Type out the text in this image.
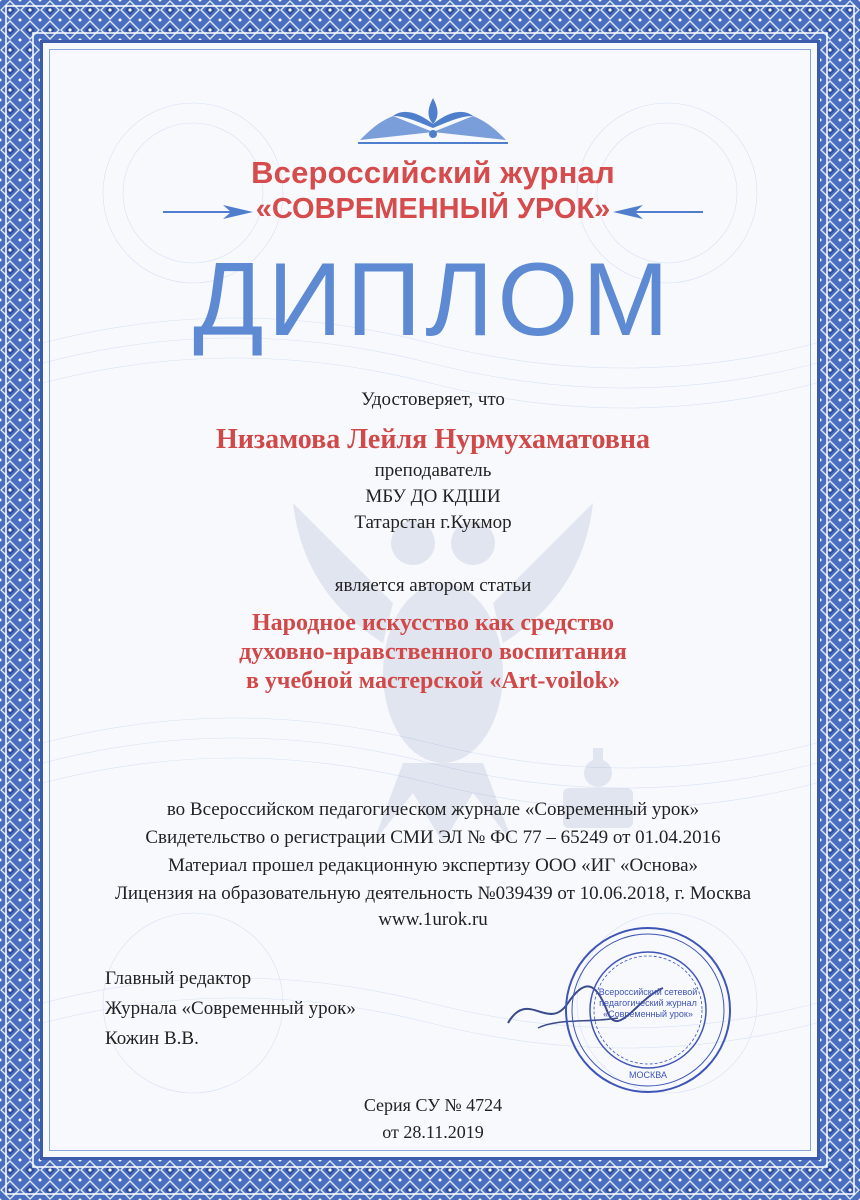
Всероссийский журнал
«СОВРЕМЕННЫЙ УРОК»
ДИПЛОМ
Удостоверяет, что
Низамова Лейля Нурмухаматовна
преподаватель
МБУ ДО КДШИ
Татарстан г.Кукмор
является автором статьи
Народное искусство как средство
духовно-нравственного воспитания
в учебной мастерской «Art-voilok»
во Всероссийском педагогическом журнале «Современный урок»
Свидетельство о регистрации СМИ ЭЛ № ФС 77 – 65249 от 01.04.2016
Материал прошел редакционную экспертизу ООО «ИГ «Основа»
Лицензия на образовательную деятельность №039439 от 10.06.2018, г. Москва
www.1urok.ru
Главный редактор
Журнала «Современный урок»
Кожин В.В.
Всероссийский сетевой
педагогический журнал
«Современный урок»
МОСКВА
Серия СУ № 4724
от 28.11.2019
